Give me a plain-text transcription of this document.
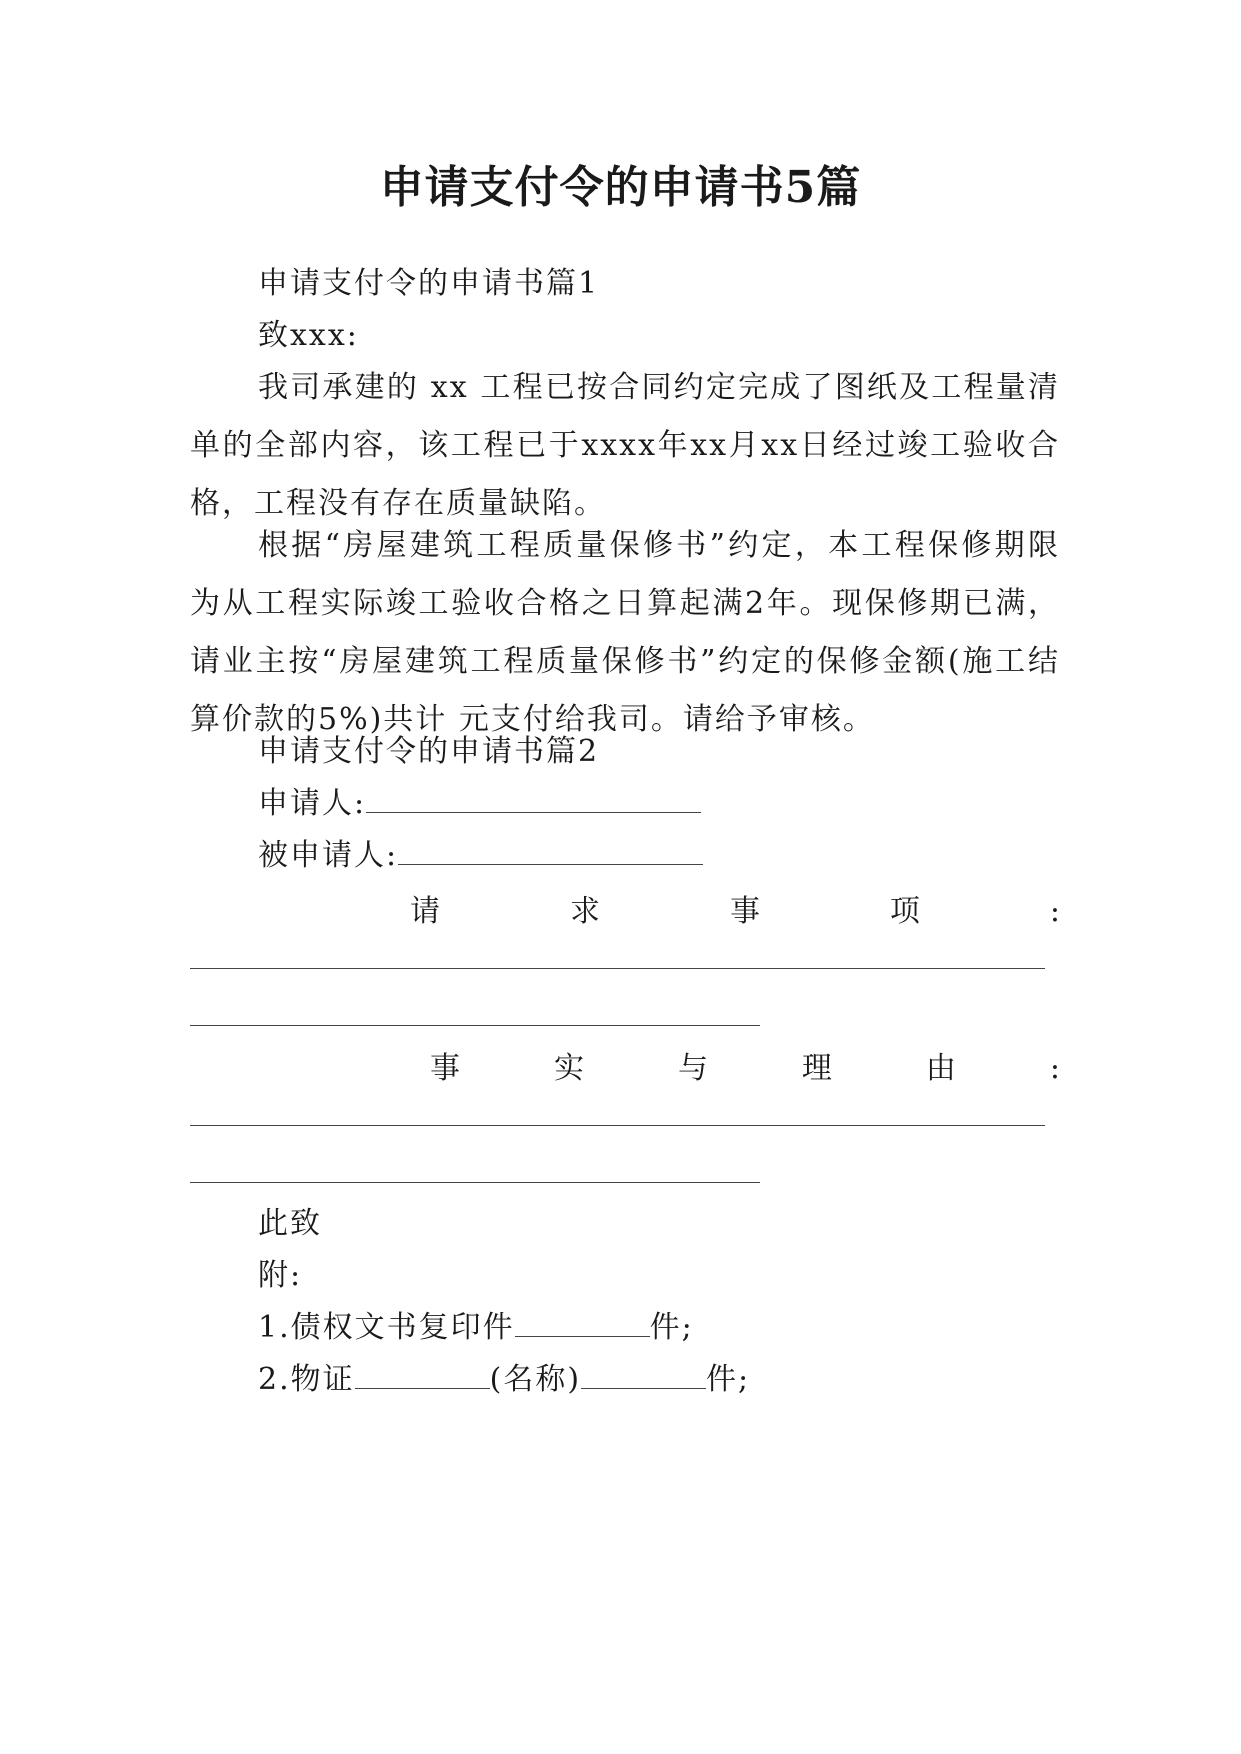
申请支付令的申请书5篇
申请支付令的申请书篇1
致xxx:
我司承建的 xx 工程已按合同约定完成了图纸及工程量清单的全部内容，该工程已于xxxx年xx月xx日经过竣工验收合格，工程没有存在质量缺陷。
根据“房屋建筑工程质量保修书”约定，本工程保修期限为从工程实际竣工验收合格之日算起满2年。现保修期已满，请业主按“房屋建筑工程质量保修书”约定的保修金额(施工结算价款的5%)共计 元支付给我司。请给予审核。
申请支付令的申请书篇2
申请人:
被申请人:
请	求	事	项	:
事	实	与	理	由	:
此致
附:
1.债权文书复印件	件;
2.物证	(名称)	件;
